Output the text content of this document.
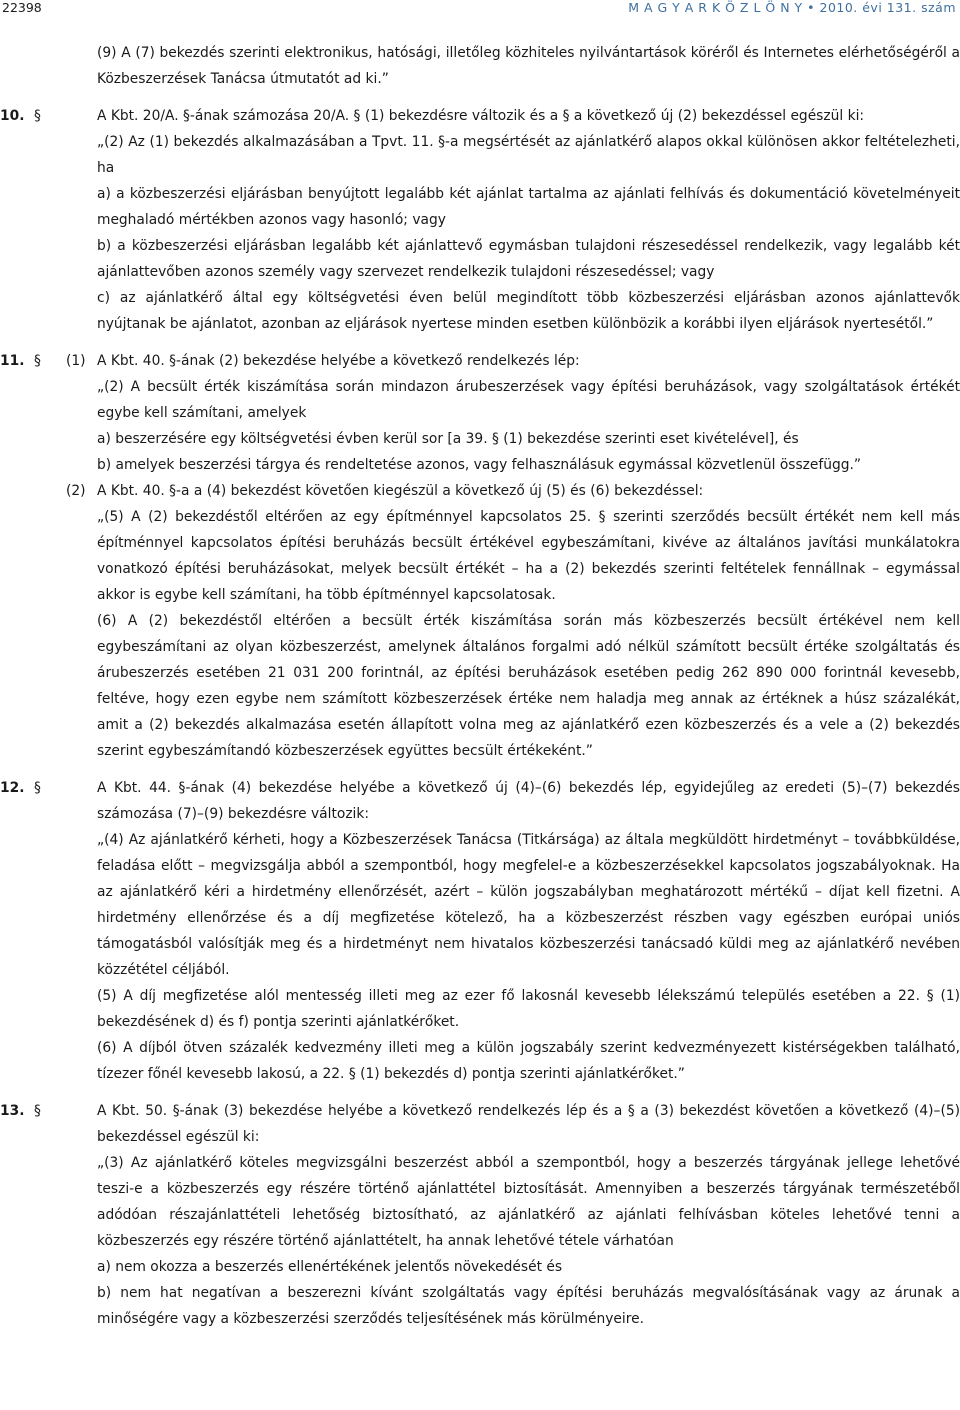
22398	M A G Y A R K Ö Z L Ö N Y • 2010. évi 131. szám

(9) A (7) bekezdés szerinti elektronikus, hatósági, illetőleg közhiteles nyilvántartások köréről és Internetes elérhetőségéről a Közbeszerzések Tanácsa útmutatót ad ki.”

10. §	A Kbt. 20/A. §-ának számozása 20/A. § (1) bekezdésre változik és a § a következő új (2) bekezdéssel egészül ki:

„(2) Az (1) bekezdés alkalmazásában a Tpvt. 11. §-a megsértését az ajánlatkérő alapos okkal különösen akkor feltételezheti, ha

a) a közbeszerzési eljárásban benyújtott legalább két ajánlat tartalma az ajánlati felhívás és dokumentáció követelményeit meghaladó mértékben azonos vagy hasonló; vagy

b) a közbeszerzési eljárásban legalább két ajánlattevő egymásban tulajdoni részesedéssel rendelkezik, vagy legalább két ajánlattevőben azonos személy vagy szervezet rendelkezik tulajdoni részesedéssel; vagy

c) az ajánlatkérő által egy költségvetési éven belül megindított több közbeszerzési eljárásban azonos ajánlattevők nyújtanak be ajánlatot, azonban az eljárások nyertese minden esetben különbözik a korábbi ilyen eljárások nyertesétől.”

11. § (1) A Kbt. 40. §-ának (2) bekezdése helyébe a következő rendelkezés lép:

„(2) A becsült érték kiszámítása során mindazon árubeszerzések vagy építési beruházások, vagy szolgáltatások értékét egybe kell számítani, amelyek

a) beszerzésére egy költségvetési évben kerül sor [a 39. § (1) bekezdése szerinti eset kivételével], és

b) amelyek beszerzési tárgya és rendeltetése azonos, vagy felhasználásuk egymással közvetlenül összefügg.”

(2) A Kbt. 40. §-a a (4) bekezdést követően kiegészül a következő új (5) és (6) bekezdéssel:

„(5) A (2) bekezdéstől eltérően az egy építménnyel kapcsolatos 25. § szerinti szerződés becsült értékét nem kell más építménnyel kapcsolatos építési beruházás becsült értékével egybeszámítani, kivéve az általános javítási munkálatokra vonatkozó építési beruházásokat, melyek becsült értékét – ha a (2) bekezdés szerinti feltételek fennállnak – egymással akkor is egybe kell számítani, ha több építménnyel kapcsolatosak.

(6) A (2) bekezdéstől eltérően a becsült érték kiszámítása során más közbeszerzés becsült értékével nem kell egybeszámítani az olyan közbeszerzést, amelynek általános forgalmi adó nélkül számított becsült értéke szolgáltatás és árubeszerzés esetében 21 031 200 forintnál, az építési beruházások esetében pedig 262 890 000 forintnál kevesebb, feltéve, hogy ezen egybe nem számított közbeszerzések értéke nem haladja meg annak az értéknek a húsz százalékát, amit a (2) bekezdés alkalmazása esetén állapított volna meg az ajánlatkérő ezen közbeszerzés és a vele a (2) bekezdés szerint egybeszámítandó közbeszerzések együttes becsült értékeként.”

12. §	A Kbt. 44. §-ának (4) bekezdése helyébe a következő új (4)–(6) bekezdés lép, egyidejűleg az eredeti (5)–(7) bekezdés számozása (7)–(9) bekezdésre változik:

„(4) Az ajánlatkérő kérheti, hogy a Közbeszerzések Tanácsa (Titkársága) az általa megküldött hirdetményt – továbbküldése, feladása előtt – megvizsgálja abból a szempontból, hogy megfelel-e a közbeszerzésekkel kapcsolatos jogszabályoknak. Ha az ajánlatkérő kéri a hirdetmény ellenőrzését, azért – külön jogszabályban meghatározott mértékű – díjat kell fizetni. A hirdetmény ellenőrzése és a díj megfizetése kötelező, ha a közbeszerzést részben vagy egészben európai uniós támogatásból valósítják meg és a hirdetményt nem hivatalos közbeszerzési tanácsadó küldi meg az ajánlatkérő nevében közzététel céljából.

(5) A díj megfizetése alól mentesség illeti meg az ezer fő lakosnál kevesebb lélekszámú település esetében a 22. § (1) bekezdésének d) és f) pontja szerinti ajánlatkérőket.

(6) A díjból ötven százalék kedvezmény illeti meg a külön jogszabály szerint kedvezményezett kistérségekben található, tízezer főnél kevesebb lakosú, a 22. § (1) bekezdés d) pontja szerinti ajánlatkérőket.”

13. §	A Kbt. 50. §-ának (3) bekezdése helyébe a következő rendelkezés lép és a § a (3) bekezdést követően a következő (4)–(5) bekezdéssel egészül ki:

„(3) Az ajánlatkérő köteles megvizsgálni beszerzést abból a szempontból, hogy a beszerzés tárgyának jellege lehetővé teszi-e a közbeszerzés egy részére történő ajánlattétel biztosítását. Amennyiben a beszerzés tárgyának természetéből adódóan részajánlattételi lehetőség biztosítható, az ajánlatkérő az ajánlati felhívásban köteles lehetővé tenni a közbeszerzés egy részére történő ajánlattételt, ha annak lehetővé tétele várhatóan

a) nem okozza a beszerzés ellenértékének jelentős növekedését és

b) nem hat negatívan a beszerezni kívánt szolgáltatás vagy építési beruházás megvalósításának vagy az árunak a minőségére vagy a közbeszerzési szerződés teljesítésének más körülményeire.
